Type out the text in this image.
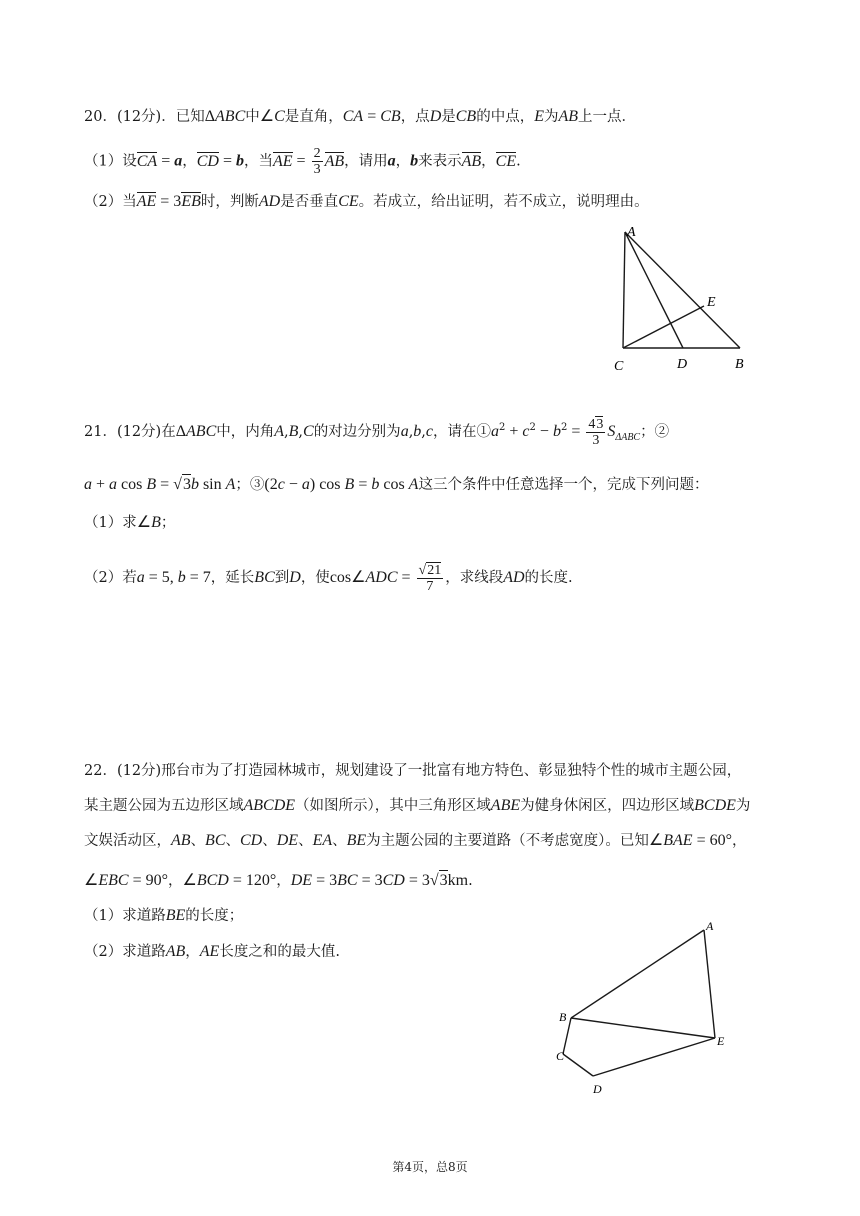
20．(12分)．已知ΔABC中∠C是直角，CA = CB，点D是CB的中点，E为AB上一点．
（1）设CA = a，CD = b，当AE = $\frac{2}{3}$ AB，请用a，b来表示AB，CE.
（2）当AE = 3EB时，判断AD是否垂直CE。若成立，给出证明，若不成立，说明理由。
A
E
C	D	B
21．(12分)在ΔABC中，内角A,B,C的对边分别为a,b,c，请在$①a^2 + c^2 - b^2 = \frac{43}{3} S_{\Delta ABC}$；②
a + a cos B = √3b sin A；③(2c − a) cos B = b cos A这三个条件中任意选择一个，完成下列问题：
（1）求∠B；
（2）若a = 5, b = 7，延长BC到D，使cos∠ADC = $\frac{√21}{7}$ ，求线段AD的长度.
22．(12分)邢台市为了打造园林城市，规划建设了一批富有地方特色、彰显独特个性的城市主题公园，
某主题公园为五边形区域ABCDE（如图所示），其中三角形区域ABE为健身休闲区，四边形区域BCDE为
文娱活动区，AB、BC、CD、DE、EA、BE为主题公园的主要道路（不考虑宽度）。已知∠BAE = 60°，
∠EBC = 90°，∠BCD = 120°，DE = 3BC = 3CD = 3√3km.
（1）求道路BE的长度；
（2）求道路AB，AE长度之和的最大值.
A
B
E
C
D
第4页，总8页
